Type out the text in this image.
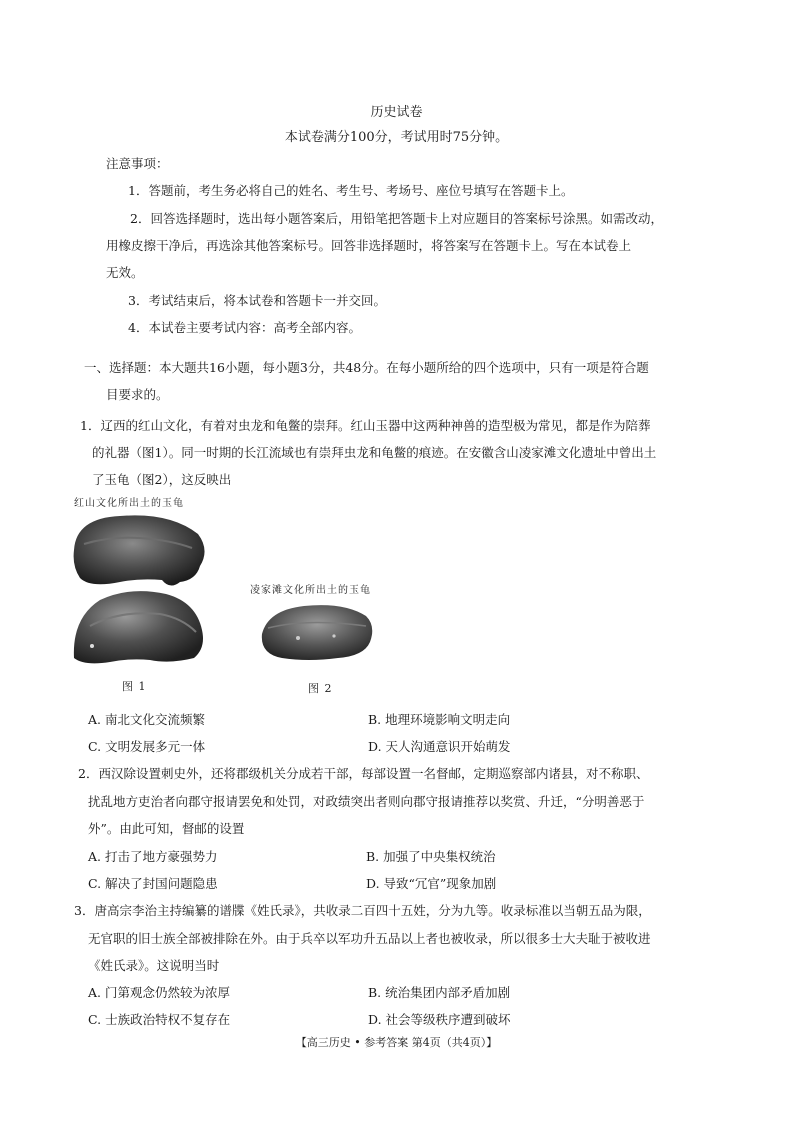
历史试卷
本试卷满分100分，考试用时75分钟。
注意事项：
1．答题前，考生务必将自己的姓名、考生号、考场号、座位号填写在答题卡上。
2．回答选择题时，选出每小题答案后，用铅笔把答题卡上对应题目的答案标号涂黑。如需改动，
用橡皮擦干净后，再选涂其他答案标号。回答非选择题时，将答案写在答题卡上。写在本试卷上
无效。
3．考试结束后，将本试卷和答题卡一并交回。
4．本试卷主要考试内容：高考全部内容。
一、选择题：本大题共16小题，每小题3分，共48分。在每小题所给的四个选项中，只有一项是符合题
目要求的。
1．辽西的红山文化，有着对虫龙和龟鳖的崇拜。红山玉器中这两种神兽的造型极为常见，都是作为陪葬
的礼器（图1）。同一时期的长江流域也有崇拜虫龙和龟鳖的痕迹。在安徽含山凌家滩文化遗址中曾出土
了玉龟（图2），这反映出
红山文化所出土的玉龟
图 1
凌家滩文化所出土的玉龟
图 2
A. 南北文化交流频繁	B. 地理环境影响文明走向
C. 文明发展多元一体	D. 天人沟通意识开始萌发
2．西汉除设置刺史外，还将郡级机关分成若干部，每部设置一名督邮，定期巡察部内诸县，对不称职、
扰乱地方吏治者向郡守报请罢免和处罚，对政绩突出者则向郡守报请推荐以奖赏、升迁，“分明善恶于
外”。由此可知，督邮的设置
A. 打击了地方豪强势力	B. 加强了中央集权统治
C. 解决了封国问题隐患	D. 导致“冗官”现象加剧
3．唐高宗李治主持编纂的谱牒《姓氏录》，共收录二百四十五姓，分为九等。收录标准以当朝五品为限，
无官职的旧士族全部被排除在外。由于兵卒以军功升五品以上者也被收录，所以很多士大夫耻于被收进
《姓氏录》。这说明当时
A. 门第观念仍然较为浓厚	B. 统治集团内部矛盾加剧
C. 士族政治特权不复存在	D. 社会等级秩序遭到破坏
【高三历史 • 参考答案 第4页（共4页）】
